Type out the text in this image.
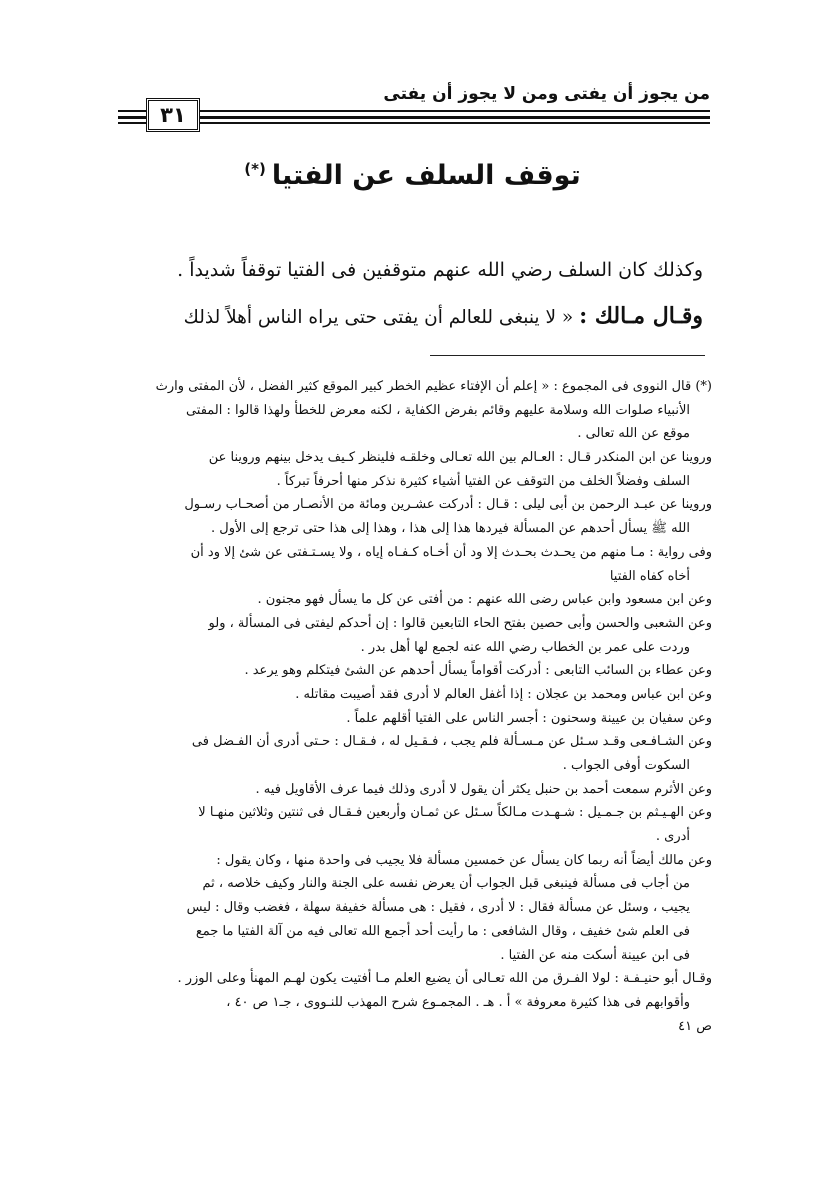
من يجوز أن يفتى ومن لا يجوز أن يفتى
٣١
توقف السلف عن الفتيا(*)
وكذلك كان السلف رضي الله عنهم متوقفين فى الفتيا توقفاً شديداً .
وقـال مـالك : « لا ينبغى للعالم أن يفتى حتى يراه الناس أهلاً لذلك
(*) قال النووى فى المجموع : « إعلم أن الإفتاء عظيم الخطر كبير الموقع كثير الفضل ، لأن المفتى وارث
الأنبياء صلوات الله وسلامة عليهم وقائم بفرض الكفاية ، لكنه معرض للخطأ ولهذا قالوا : المفتى
موقع عن الله تعالى .
وروينا عن ابن المنكدر قـال : العـالم بين الله تعـالى وخلقـه فلينظر كـيف يدخل بينهم وروينا عن
السلف وفضلاً الخلف من التوقف عن الفتيا أشياء كثيرة نذكر منها أحرفاً تبركاً .
وروينا عن عبـد الرحمن بن أبى ليلى : قـال : أدركت عشـرين ومائة من الأنصـار من أصحـاب رسـول
الله ﷺ يسأل أحدهم عن المسألة فيردها هذا إلى هذا ، وهذا إلى هذا حتى ترجع إلى الأول .
وفى رواية : مـا منهم من يحـدث بحـدث إلا ود أن أخـاه كـفـاه إياه ، ولا يسـتـفتى عن شئ إلا ود أن
أخاه كفاه الفتيا
وعن ابن مسعود وابن عباس رضى الله عنهم : من أفتى عن كل ما يسأل فهو مجنون .
وعن الشعبى والحسن وأبى حصين بفتح الحاء التابعين قالوا : إن أحدكم ليفتى فى المسألة ، ولو
وردت على عمر بن الخطاب رضي الله عنه لجمع لها أهل بدر .
وعن عطاء بن السائب التابعى : أدركت أقواماً يسأل أحدهم عن الشئ فيتكلم وهو يرعد .
وعن ابن عباس ومحمد بن عجلان : إذا أغفل العالم لا أدرى فقد أصيبت مقاتله .
وعن سفيان بن عيينة وسحنون : أجسر الناس على الفتيا أقلهم علماً .
وعن الشـافـعى وقـد سـئل عن مـسـألة فلم يجب ، فـقـيل له ، فـقـال : حـتى أدرى أن الفـضل فى
السكوت أوفى الجواب .
وعن الأثرم سمعت أحمد بن حنبل يكثر أن يقول لا أدرى وذلك فيما عرف الأقاويل فيه .
وعن الهـيـثم بن جـمـيل : شـهـدت مـالكاً سـئل عن ثمـان وأربعين فـقـال فى ثنتين وثلاثين منهـا لا
أدرى .
وعن مالك أيضاً أنه ربما كان يسأل عن خمسين مسألة فلا يجيب فى واحدة منها ، وكان يقول :
من أجاب فى مسألة فينبغى قبل الجواب أن يعرض نفسه على الجنة والنار وكيف خلاصه ، ثم
يجيب ، وسئل عن مسألة فقال : لا أدرى ، فقيل : هى مسألة خفيفة سهلة ، فغضب وقال : ليس
فى العلم شئ خفيف ، وقال الشافعى : ما رأيت أحد أجمع الله تعالى فيه من آلة الفتيا ما جمع
فى ابن عيينة أسكت منه عن الفتيا .
وقـال أبو حنيـفـة : لولا الفـرق من الله تعـالى أن يضيع العلم مـا أفتيت يكون لهـم المهنأ وعلى الوزر .
وأقوابهم فى هذا كثيرة معروفة » أ . هـ . المجمـوع شرح المهذب للنـووى ، جـ١ ص ٤٠ ،
ص ٤١
